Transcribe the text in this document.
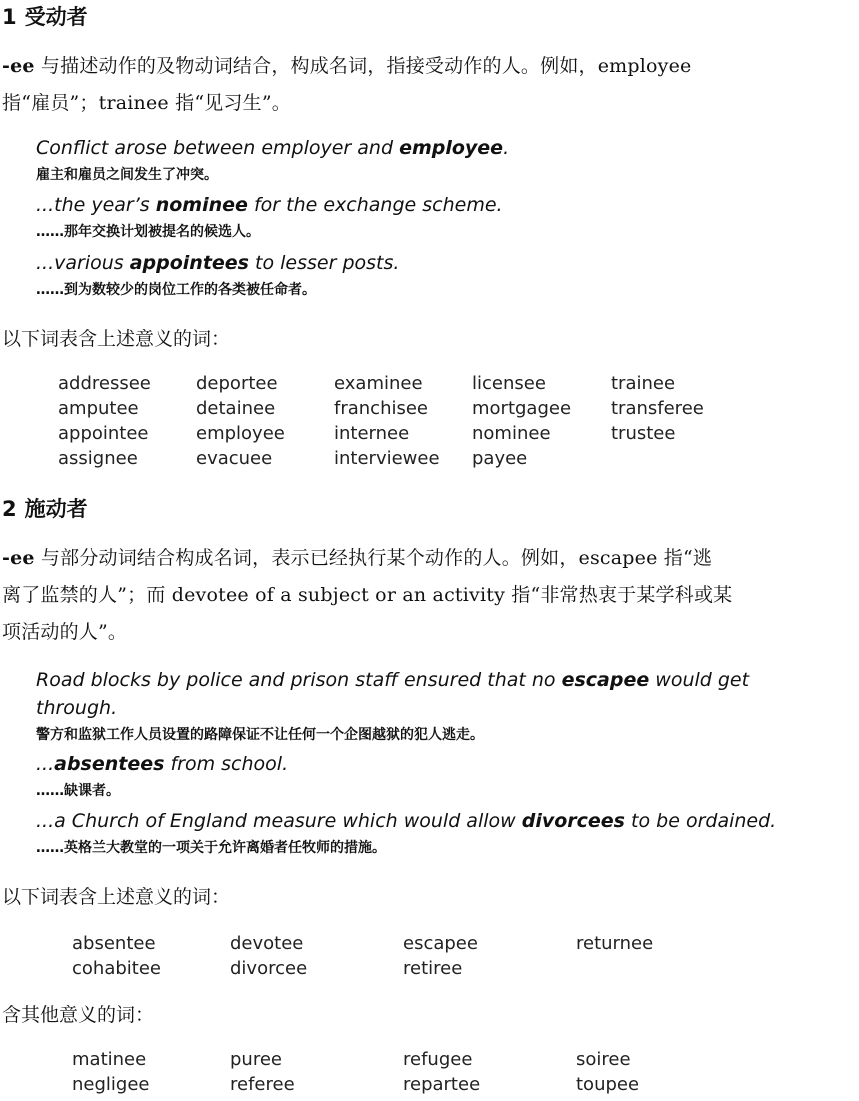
1 受动者

-ee 与描述动作的及物动词结合，构成名词，指接受动作的人。例如，employee
指“雇员”；trainee 指“见习生”。

Conflict arose between employer and employee.

雇主和雇员之间发生了冲突。

...the year’s nominee for the exchange scheme.

……那年交换计划被提名的候选人。

...various appointees to lesser posts.

……到为数较少的岗位工作的各类被任命者。

以下词表含上述意义的词：

addressee
amputee
appointee
assignee
deportee
detainee
employee
evacuee
examinee
franchisee
internee
interviewee
licensee
mortgagee
nominee
payee
trainee
transferee
trustee
2 施动者

-ee 与部分动词结合构成名词，表示已经执行某个动作的人。例如，escapee 指“逃
离了监禁的人”；而 devotee of a subject or an activity 指“非常热衷于某学科或某
项活动的人”。

Road blocks by police and prison staff ensured that no escapee would get through.

警方和监狱工作人员设置的路障保证不让任何一个企图越狱的犯人逃走。

...absentees from school.

……缺课者。

...a Church of England measure which would allow divorcees to be ordained.

……英格兰大教堂的一项关于允许离婚者任牧师的措施。

以下词表含上述意义的词：

absentee
cohabitee
devotee
divorcee
escapee
retiree
returnee

含其他意义的词：

matinee
negligee
puree
referee
refugee
repartee
soiree
toupee
